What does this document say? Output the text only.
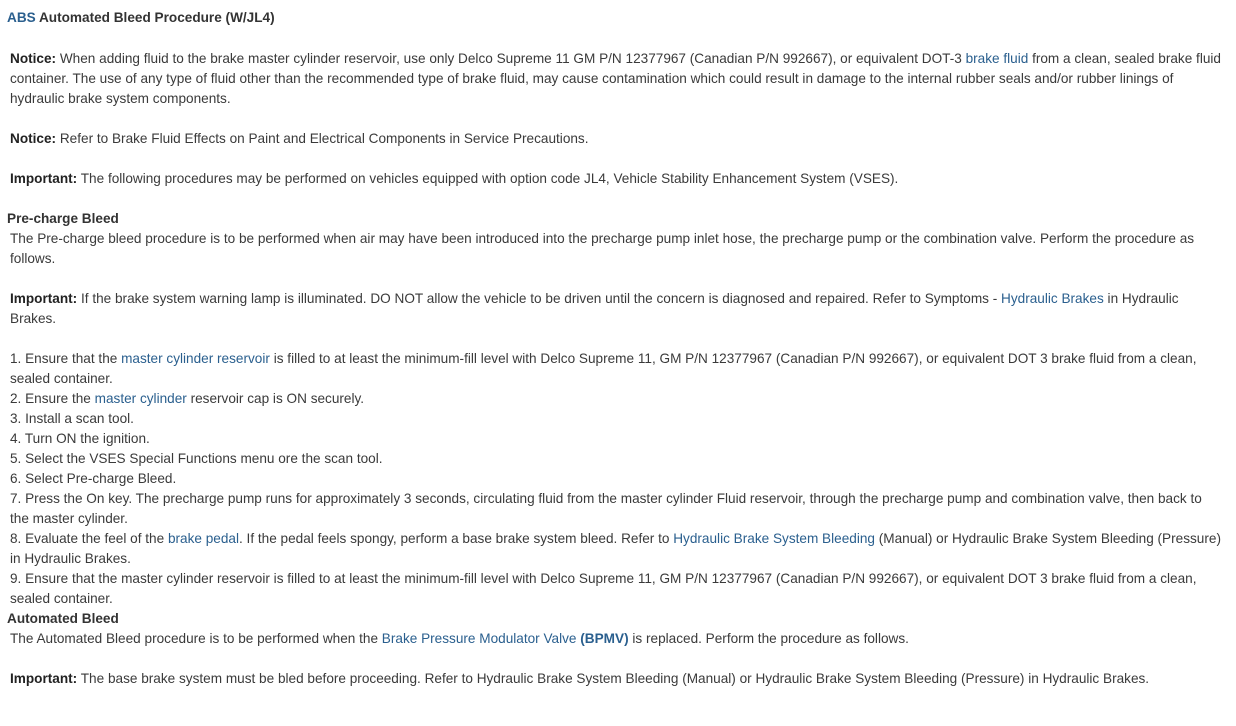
ABS Automated Bleed Procedure (W/JL4)

Notice: When adding fluid to the brake master cylinder reservoir, use only Delco Supreme 11 GM P/N 12377967 (Canadian P/N 992667), or equivalent DOT-3 brake fluid from a clean, sealed brake fluid container. The use of any type of fluid other than the recommended type of brake fluid, may cause contamination which could result in damage to the internal rubber seals and/or rubber linings of hydraulic brake system components.

Notice: Refer to Brake Fluid Effects on Paint and Electrical Components in Service Precautions.

Important: The following procedures may be performed on vehicles equipped with option code JL4, Vehicle Stability Enhancement System (VSES).

Pre-charge Bleed

The Pre-charge bleed procedure is to be performed when air may have been introduced into the precharge pump inlet hose, the precharge pump or the combination valve. Perform the procedure as follows.

Important: If the brake system warning lamp is illuminated. DO NOT allow the vehicle to be driven until the concern is diagnosed and repaired. Refer to Symptoms - Hydraulic Brakes in Hydraulic Brakes.

1. Ensure that the master cylinder reservoir is filled to at least the minimum-fill level with Delco Supreme 11, GM P/N 12377967 (Canadian P/N 992667), or equivalent DOT 3 brake fluid from a clean, sealed container.
2. Ensure the master cylinder reservoir cap is ON securely.
3. Install a scan tool.
4. Turn ON the ignition.
5. Select the VSES Special Functions menu ore the scan tool.
6. Select Pre-charge Bleed.
7. Press the On key. The precharge pump runs for approximately 3 seconds, circulating fluid from the master cylinder Fluid reservoir, through the precharge pump and combination valve, then back to the master cylinder.
8. Evaluate the feel of the brake pedal. If the pedal feels spongy, perform a base brake system bleed. Refer to Hydraulic Brake System Bleeding (Manual) or Hydraulic Brake System Bleeding (Pressure) in Hydraulic Brakes.
9. Ensure that the master cylinder reservoir is filled to at least the minimum-fill level with Delco Supreme 11, GM P/N 12377967 (Canadian P/N 992667), or equivalent DOT 3 brake fluid from a clean, sealed container.
Automated Bleed

The Automated Bleed procedure is to be performed when the Brake Pressure Modulator Valve (BPMV) is replaced. Perform the procedure as follows.

Important: The base brake system must be bled before proceeding. Refer to Hydraulic Brake System Bleeding (Manual) or Hydraulic Brake System Bleeding (Pressure) in Hydraulic Brakes.
